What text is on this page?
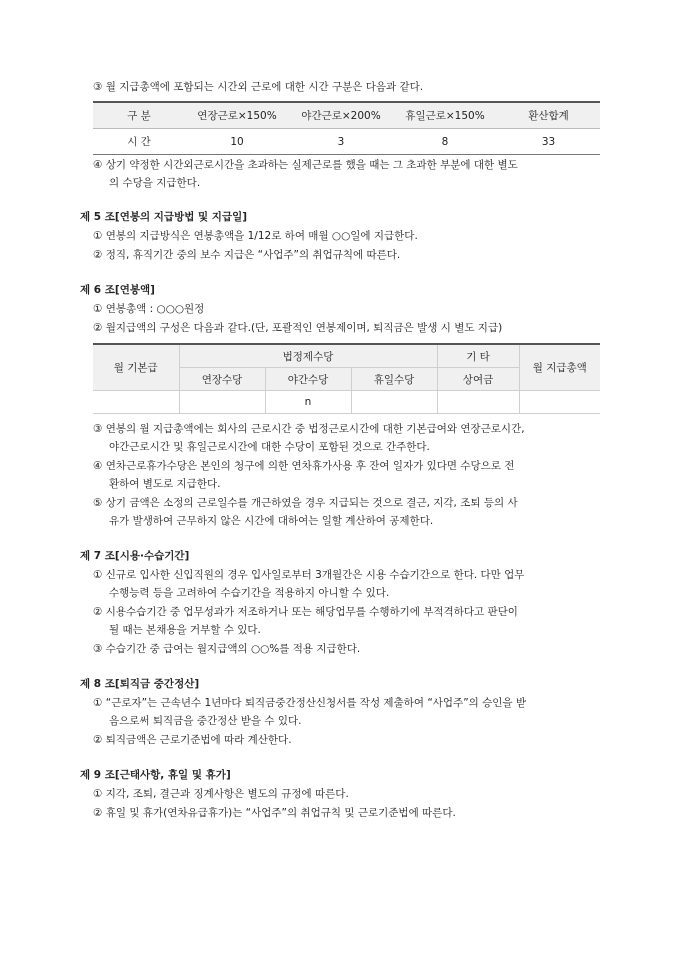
③ 월 지급총액에 포함되는 시간외 근로에 대한 시간 구분은 다음과 같다.
구 분	연장근로×150%	야간근로×200%	휴일근로×150%	환산합계
시 간	10	3	8	33
④ 상기 약정한 시간외근로시간을 초과하는 실제근로를 했을 때는 그 초과한 부분에 대한 별도
의 수당을 지급한다.
제 5 조[연봉의 지급방법 및 지급일]
① 연봉의 지급방식은 연봉총액을 1/12로 하여 매월 ○○일에 지급한다.
② 정직, 휴직기간 중의 보수 지급은 “사업주”의 취업규칙에 따른다.
제 6 조[연봉액]
① 연봉총액 : ○○○원정
② 월지급액의 구성은 다음과 같다.(단, 포괄적인 연봉제이며, 퇴직금은 발생 시 별도 지급)
월 기본급	법정제수당			기 타	월 지급총액
	연장수당	야간수당	휴일수당	상여금	
		n			
③ 연봉의 월 지급총액에는 회사의 근로시간 중 법정근로시간에 대한 기본급여와 연장근로시간,
야간근로시간 및 휴일근로시간에 대한 수당이 포함된 것으로 간주한다.
④ 연차근로휴가수당은 본인의 청구에 의한 연차휴가사용 후 잔여 일자가 있다면 수당으로 전
환하여 별도로 지급한다.
⑤ 상기 금액은 소정의 근로일수를 개근하였을 경우 지급되는 것으로 결근, 지각, 조퇴 등의 사
유가 발생하여 근무하지 않은 시간에 대하여는 일할 계산하여 공제한다.
제 7 조[시용·수습기간]
① 신규로 입사한 신입직원의 경우 입사일로부터 3개월간은 시용 수습기간으로 한다. 다만 업무
수행능력 등을 고려하여 수습기간을 적용하지 아니할 수 있다.
② 시용수습기간 중 업무성과가 저조하거나 또는 해당업무를 수행하기에 부적격하다고 판단이
될 때는 본채용을 거부할 수 있다.
③ 수습기간 중 급여는 월지급액의 ○○%를 적용 지급한다.
제 8 조[퇴직금 중간정산]
① “근로자”는 근속년수 1년마다 퇴직금중간정산신청서를 작성 제출하여 “사업주”의 승인을 받
음으로써 퇴직금을 중간정산 받을 수 있다.
② 퇴직금액은 근로기준법에 따라 계산한다.
제 9 조[근태사항, 휴일 및 휴가]
① 지각, 조퇴, 결근과 징계사항은 별도의 규정에 따른다.
② 휴일 및 휴가(연차유급휴가)는 “사업주”의 취업규칙 및 근로기준법에 따른다.
